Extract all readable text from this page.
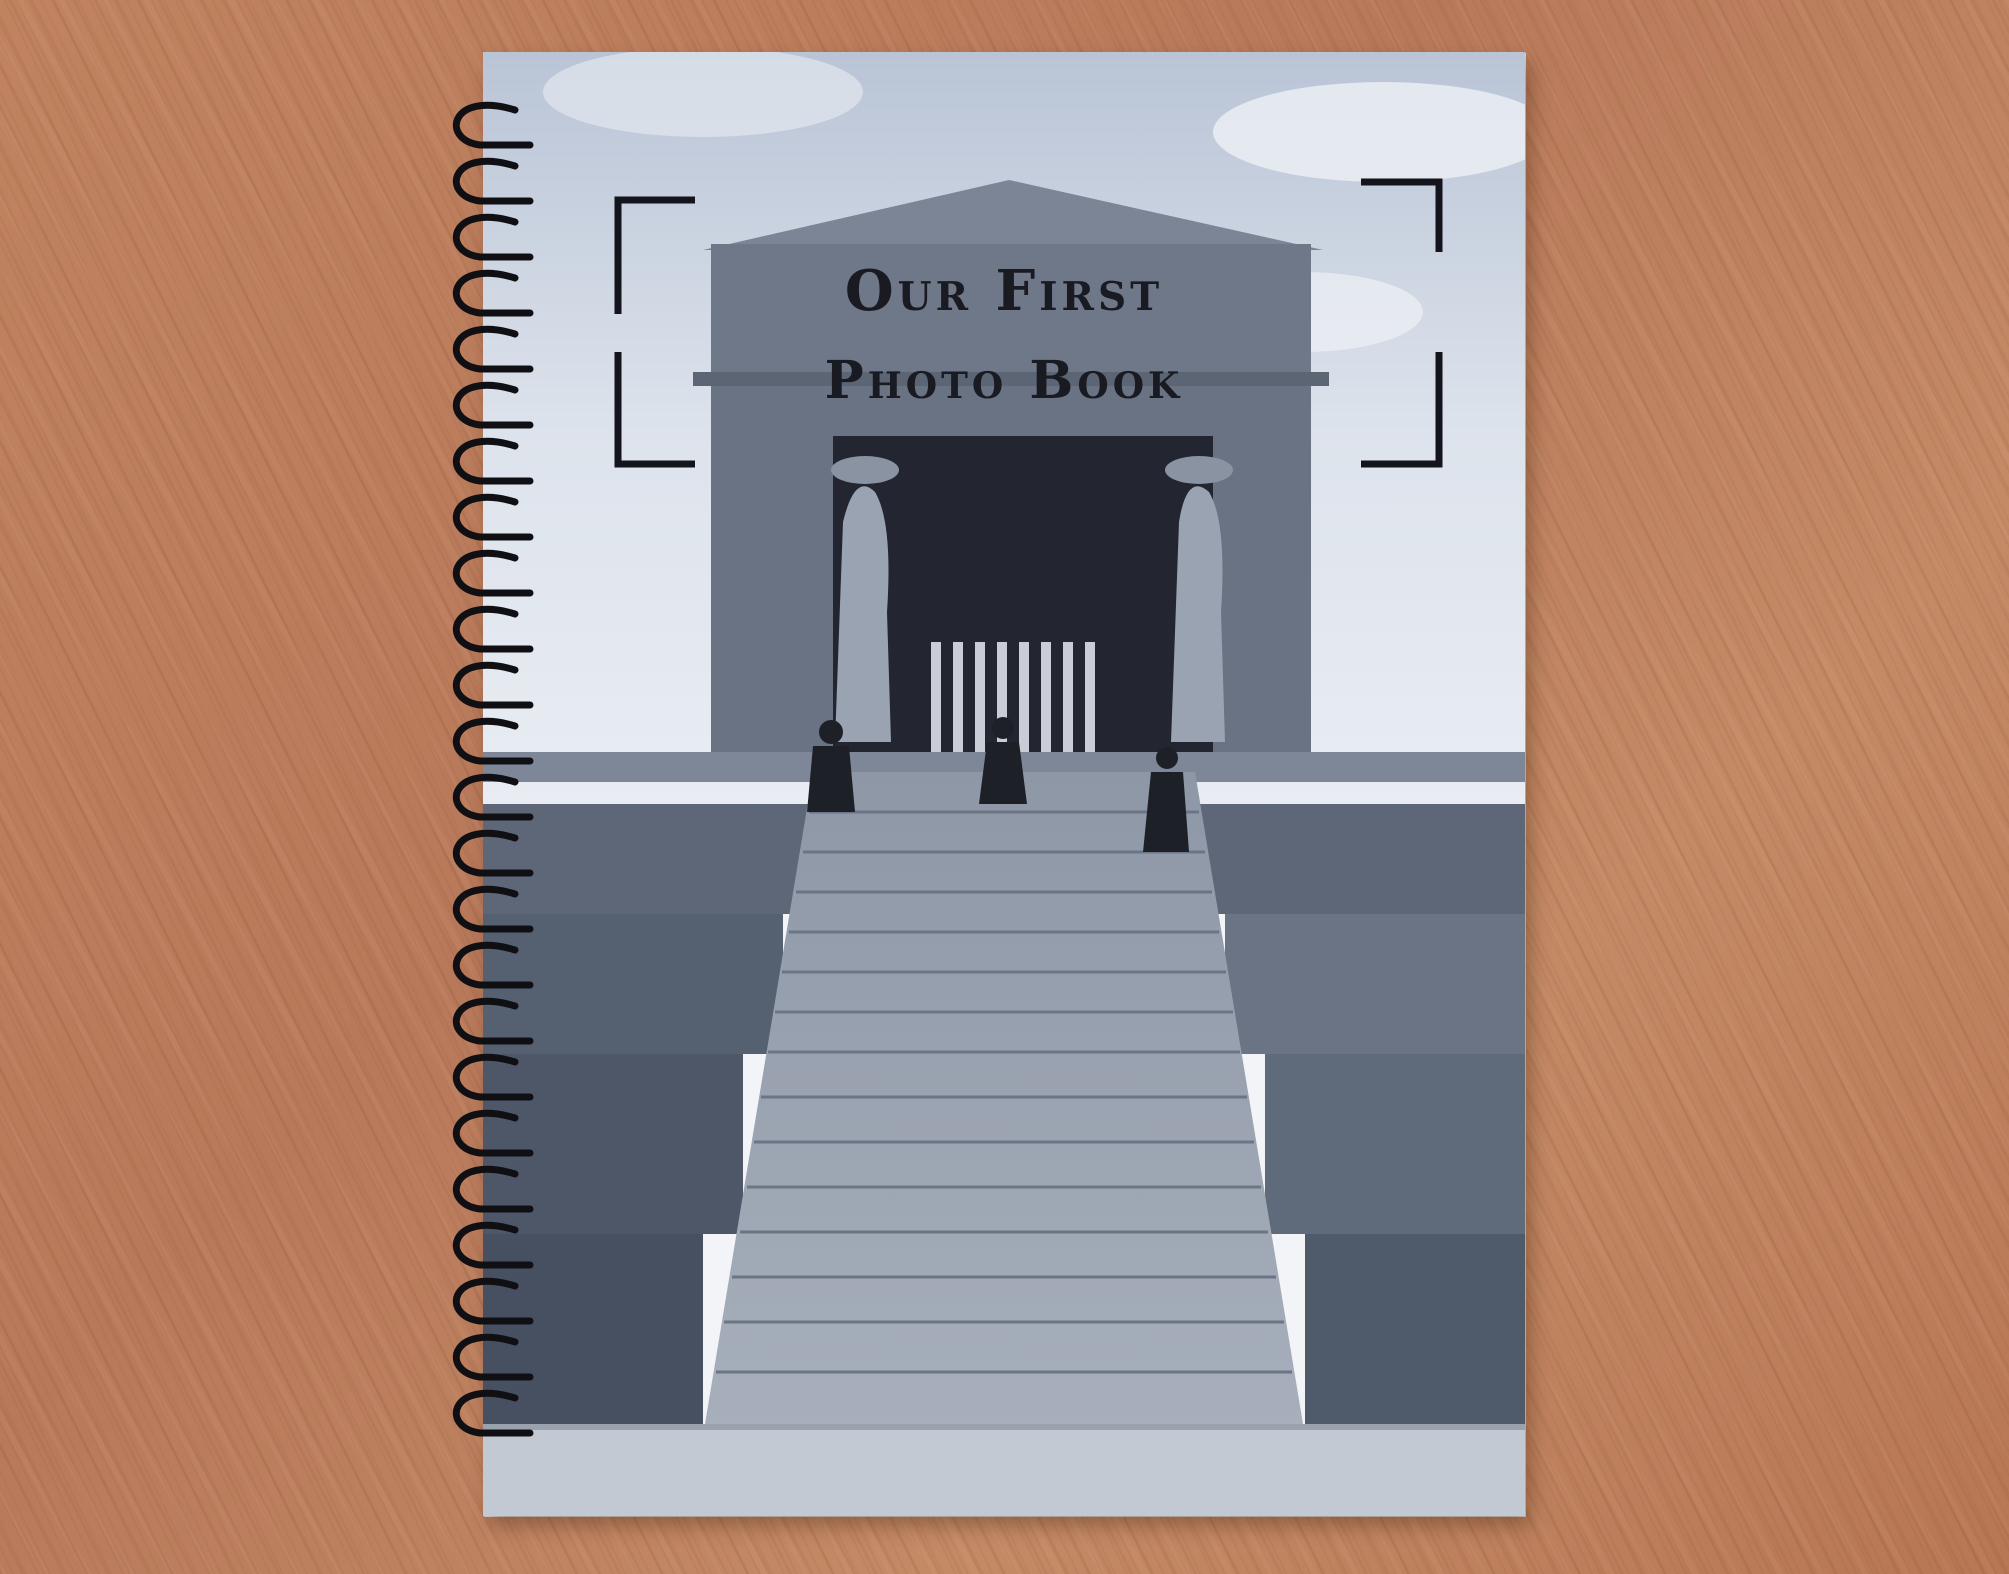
Our First
Photo Book
